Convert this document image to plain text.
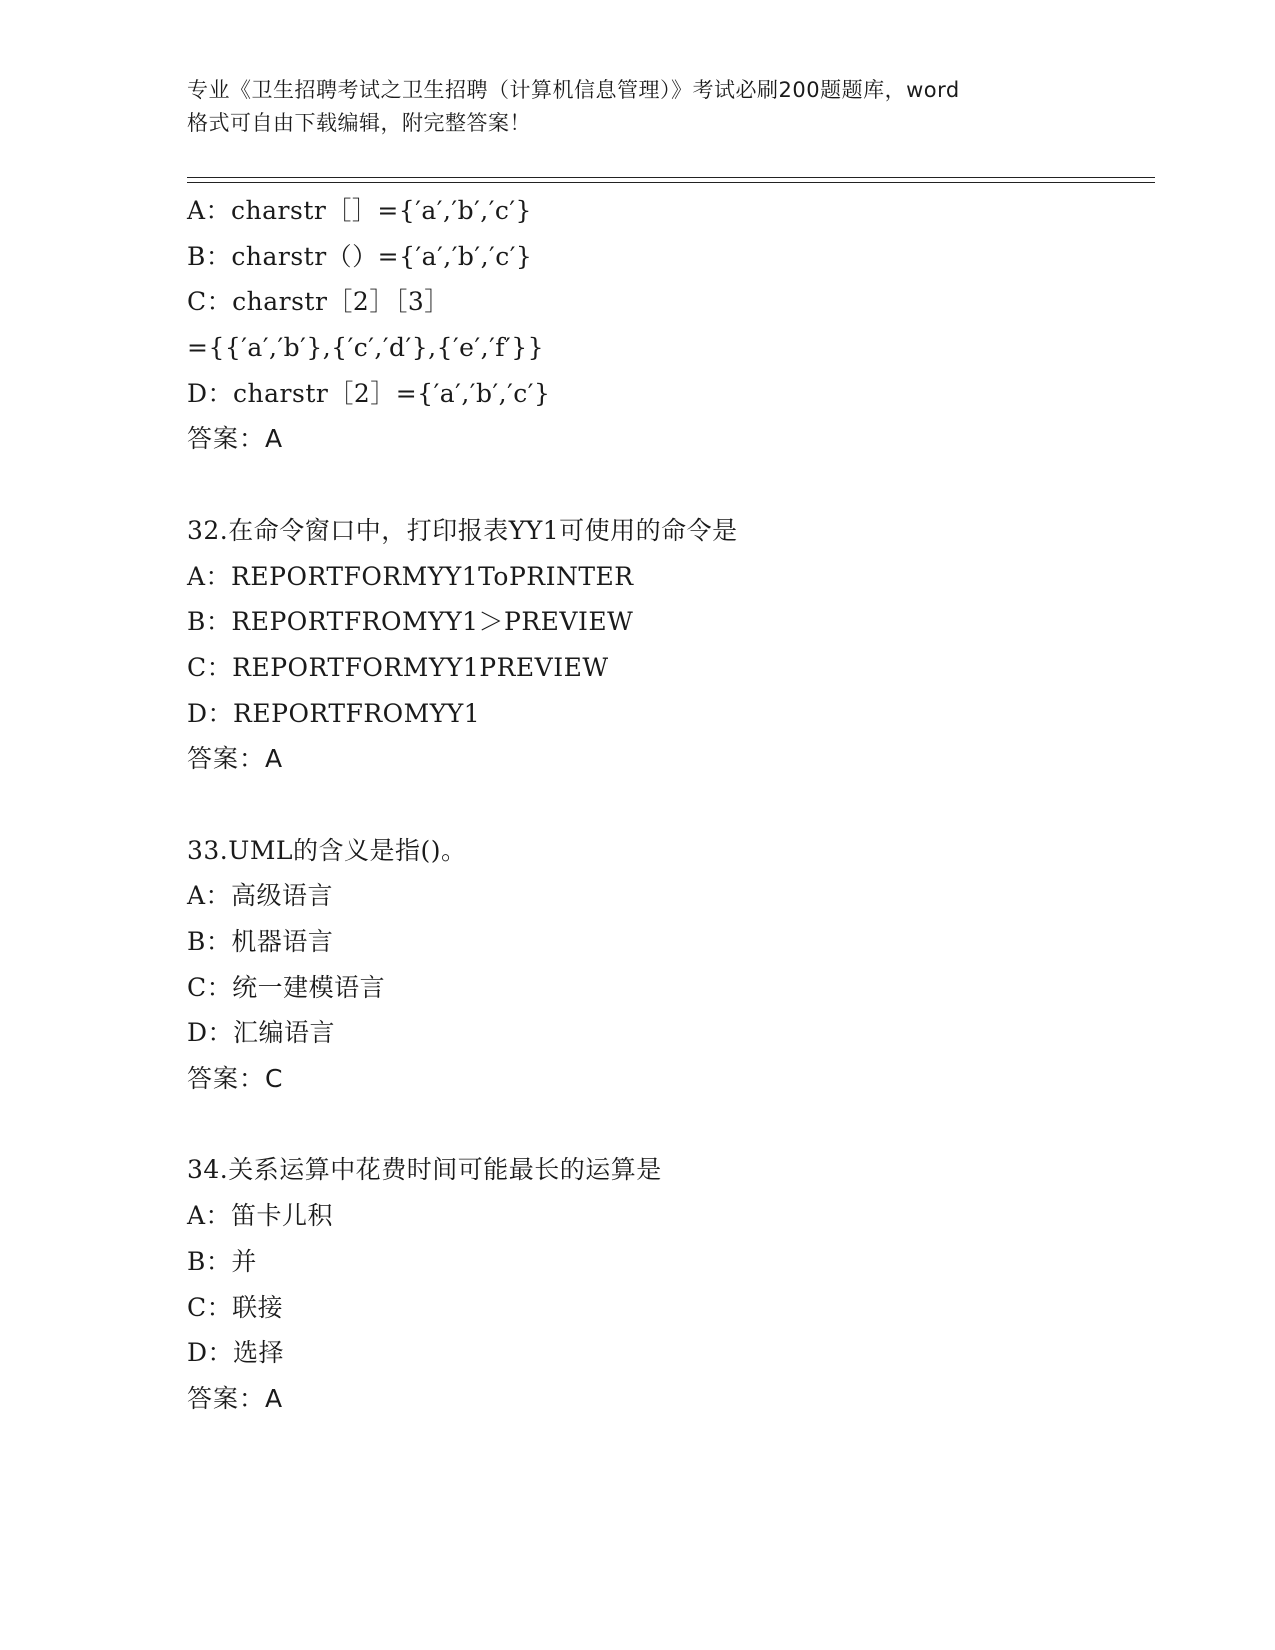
专业《卫生招聘考试之卫生招聘（计算机信息管理）》考试必刷200题题库，word
格式可自由下载编辑，附完整答案！
A：charstr［］={′a′,′b′,′c′}
B：charstr（）={′a′,′b′,′c′}
C：charstr［2］［3］
={{′a′,′b′},{′c′,′d′},{′e′,′f′}}
D：charstr［2］={′a′,′b′,′c′}
答案：A
32.在命令窗口中，打印报表YY1可使用的命令是
A：REPORTFORMYY1ToPRINTER
B：REPORTFROMYY1＞PREVIEW
C：REPORTFORMYY1PREVIEW
D：REPORTFROMYY1
答案：A
33.UML的含义是指()。
A：高级语言
B：机器语言
C：统一建模语言
D：汇编语言
答案：C
34.关系运算中花费时间可能最长的运算是
A：笛卡儿积
B：并
C：联接
D：选择
答案：A
